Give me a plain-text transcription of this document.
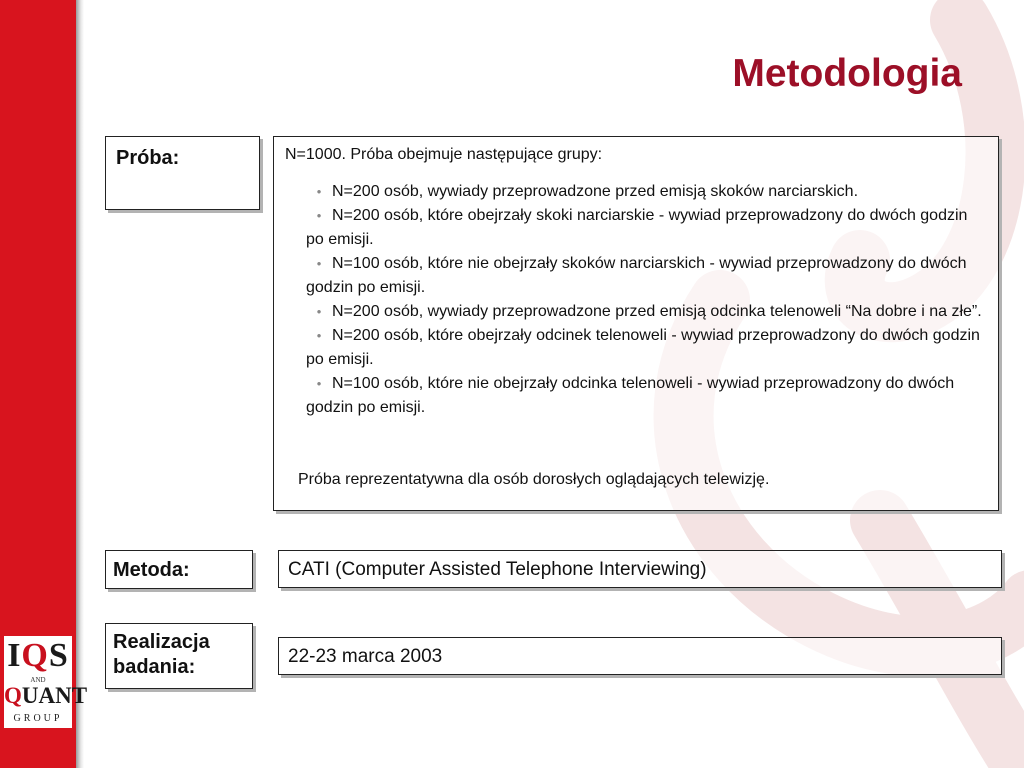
IQS
AND
QUANT
GROUP
Metodologia
Próba:	N=1000. Próba obejmuje następujące grupy:
• N=200 osób, wywiady przeprowadzone przed emisją skoków narciarskich.
• N=200 osób, które obejrzały skoki narciarskie - wywiad przeprowadzony do dwóch godzin po emisji.
• N=100 osób, które nie obejrzały skoków narciarskich - wywiad przeprowadzony do dwóch godzin po emisji.
• N=200 osób, wywiady przeprowadzone przed emisją odcinka telenoweli “Na dobre i na złe”.
• N=200 osób, które obejrzały odcinek telenoweli - wywiad przeprowadzony do dwóch godzin po emisji.
• N=100 osób, które nie obejrzały odcinka telenoweli - wywiad przeprowadzony do dwóch godzin po emisji.
Próba reprezentatywna dla osób dorosłych oglądających telewizję.
Metoda:	CATI (Computer Assisted Telephone Interviewing)
Realizacja
badania:	22-23 marca 2003
